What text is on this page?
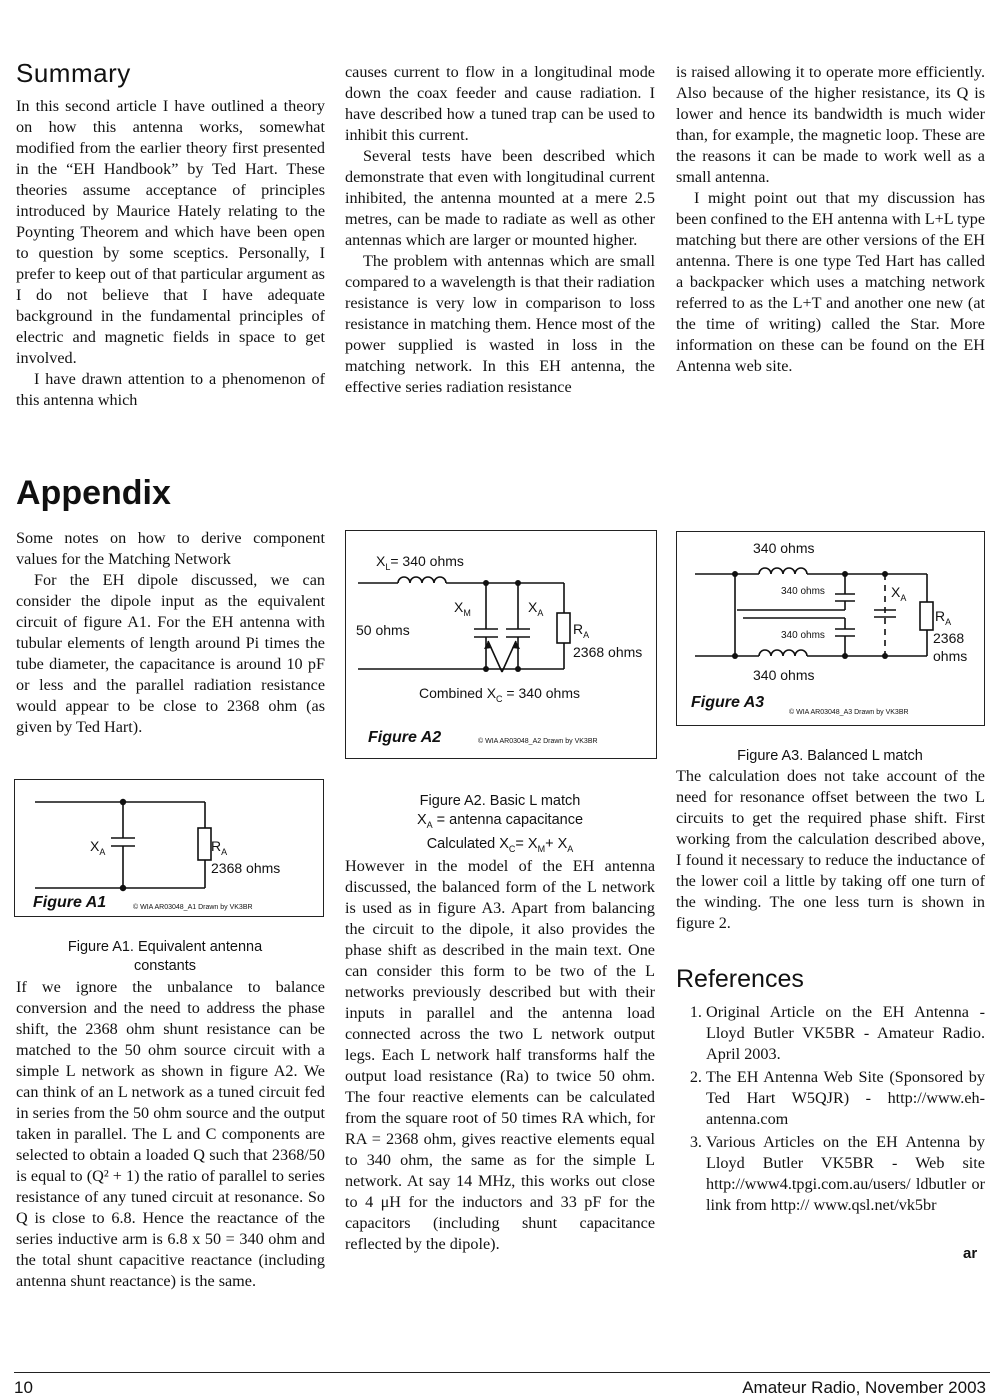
Summary

In this second article I have outlined a theory on how this antenna works, somewhat modified from the earlier theory first presented in the “EH Handbook” by Ted Hart. These theories assume acceptance of principles introduced by Maurice Hately relating to the Poynting Theorem and which have been open to question by some sceptics. Personally, I prefer to keep out of that particular argument as I do not believe that I have adequate background in the fundamental principles of electric and magnetic fields in space to get involved.

I have drawn attention to a phenomenon of this antenna which

causes current to flow in a longitudinal mode down the coax feeder and cause radiation. I have described how a tuned trap can be used to inhibit this current.

Several tests have been described which demonstrate that even with longitudinal current inhibited, the antenna mounted at a mere 2.5 metres, can be made to radiate as well as other antennas which are larger or mounted higher.

The problem with antennas which are small compared to a wavelength is that their radiation resistance is very low in comparison to loss resistance in matching them. Hence most of the power supplied is wasted in loss in the matching network. In this EH antenna, the effective series radiation resistance

is raised allowing it to operate more efficiently. Also because of the higher resistance, its Q is lower and hence its bandwidth is much wider than, for example, the magnetic loop. These are the reasons it can be made to work well as a small antenna.

I might point out that my discussion has been confined to the EH antenna with L+L type matching but there are other versions of the EH antenna. There is one type Ted Hart has called a backpacker which uses a matching network referred to as the L+T and another one new (at the time of writing) called the Star. More information on these can be found on the EH Antenna web site.

Appendix

Some notes on how to derive component values for the Matching Network

For the EH dipole discussed, we can consider the dipole input as the equivalent circuit of figure A1. For the EH antenna with tubular elements of length around Pi times the tube diameter, the capacitance is around 10 pF or less and the parallel radiation resistance would appear to be close to 2368 ohm (as given by Ted Hart).

$X_A$	$R_A$
2368 ohms
Figure A1	© WIA AR03048_A1 Drawn by VK3BR
Figure A1. Equivalent antenna constants

If we ignore the unbalance to balance conversion and the need to address the phase shift, the 2368 ohm shunt resistance can be matched to the 50 ohm source circuit with a simple L network as shown in figure A2. We can think of an L network as a tuned circuit fed in series from the 50 ohm source and the output taken in parallel. The L and C components are selected to obtain a loaded Q such that 2368/50 is equal to (Q² + 1) the ratio of parallel to series resistance of any tuned circuit at resonance. So Q is close to 6.8. Hence the reactance of the series inductive arm is 6.8 x 50 = 340 ohm and the total shunt capacitive reactance (including antenna shunt reactance) is the same.

$X_L= 340$ ohms
50 ohms
$X_M$	$X_A$
$R_A$
2368 ohms
Combined $X_C = 340$ ohms
Figure A2	© WIA AR03048_A2 Drawn by VK3BR
Figure A2. Basic L match
$X_A$ = antenna capacitance
Calculated $X_C= X_M+ X_A$

However in the model of the EH antenna discussed, the balanced form of the L network is used as in figure A3. Apart from balancing the circuit to the dipole, it also provides the phase shift as described in the main text. One can consider this form to be two of the L networks previously described but with their inputs in parallel and the antenna load connected across the two L network output legs. Each L network half transforms half the output load resistance (Ra) to twice 50 ohm. The four reactive elements can be calculated from the square root of 50 times RA which, for RA = 2368 ohm, gives reactive elements equal to 340 ohm, the same as for the simple L network. At say 14 MHz, this works out close to 4 μH for the inductors and 33 pF for the capacitors (including shunt capacitance reflected by the dipole).

340 ohms
340 ohms
340 ohms
$X_A$
$R_A$
2368
ohms
340 ohms
Figure A3
© WIA AR03048_A3 Drawn by VK3BR
Figure A3. Balanced L match

The calculation does not take account of the need for resonance offset between the two L circuits to get the required phase shift. First working from the calculation described above, I found it necessary to reduce the inductance of the lower coil a little by taking off one turn of the winding. The one less turn is shown in figure 2.

References
1. Original Article on the EH Antenna - Lloyd Butler VK5BR - Amateur Radio. April 2003.
2. The EH Antenna Web Site (Sponsored by Ted Hart W5QJR) - http://www.eh-antenna.com
3. Various Articles on the EH Antenna by Lloyd Butler VK5BR - Web site http://www4.tpgi.com.au/users/ ldbutler or link from http:// www.qsl.net/vk5br
ar
10	Amateur Radio, November 2003
